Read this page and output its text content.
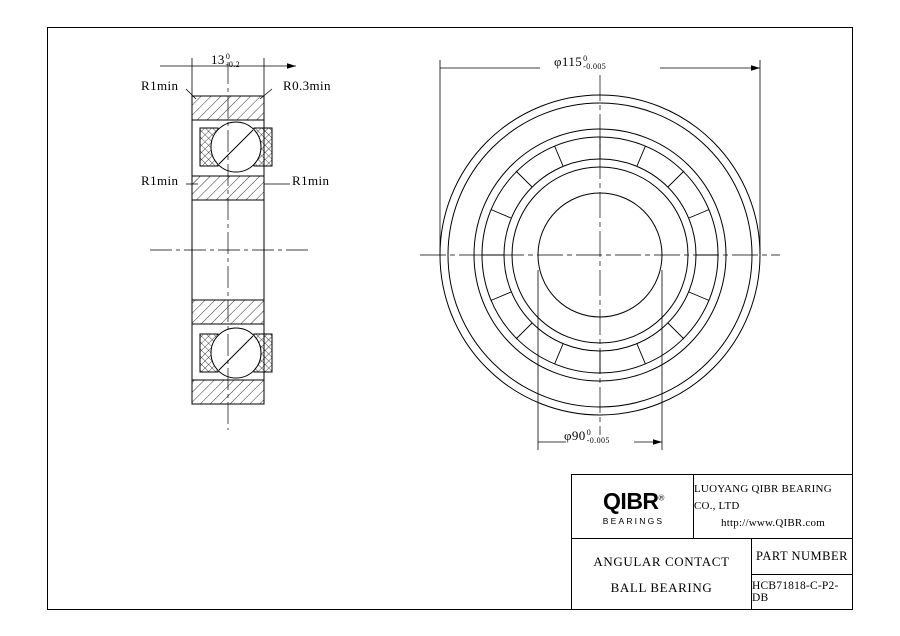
13 0
-0.2
R1min	R0.3min
R1min	R1min
φ115 0
-0.005
φ90 0
-0.005
QIBR®
BEARINGS
LUOYANG QIBR BEARING CO., LTD
http://www.QIBR.com
ANGULAR CONTACT
BALL BEARING
PART NUMBER
HCB71818-C-P2-DB
